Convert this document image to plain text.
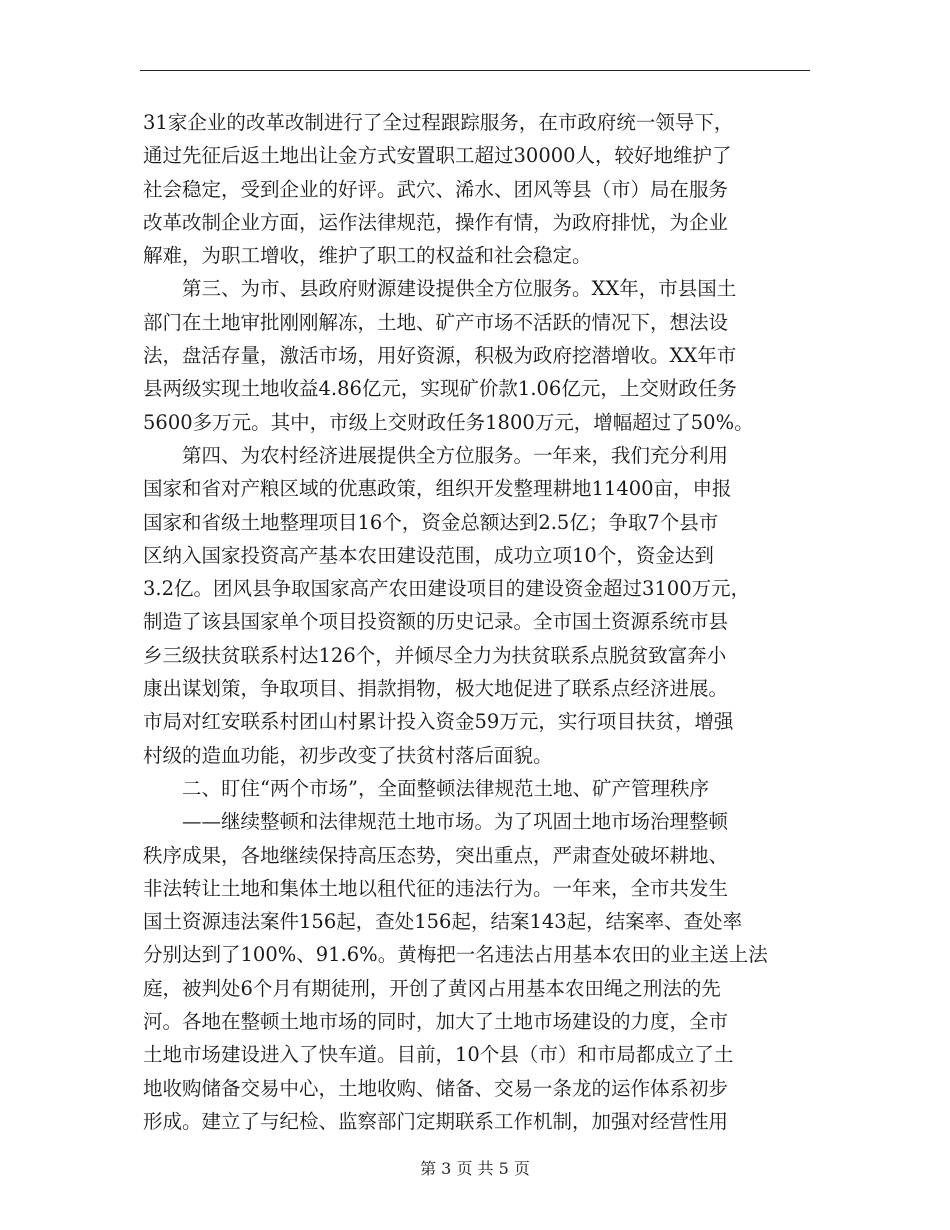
31家企业的改革改制进行了全过程跟踪服务，在市政府统一领导下，
通过先征后返土地出让金方式安置职工超过30000人，较好地维护了
社会稳定，受到企业的好评。武穴、浠水、团风等县（市）局在服务
改革改制企业方面，运作法律规范，操作有情，为政府排忧，为企业
解难，为职工增收，维护了职工的权益和社会稳定。
第三、为市、县政府财源建设提供全方位服务。XX年，市县国土
部门在土地审批刚刚解冻，土地、矿产市场不活跃的情况下，想法设
法，盘活存量，激活市场，用好资源，积极为政府挖潜增收。XX年市
县两级实现土地收益4.86亿元，实现矿价款1.06亿元，上交财政任务
5600多万元。其中，市级上交财政任务1800万元，增幅超过了50%。
第四、为农村经济进展提供全方位服务。一年来，我们充分利用
国家和省对产粮区域的优惠政策，组织开发整理耕地11400亩，申报
国家和省级土地整理项目16个，资金总额达到2.5亿；争取7个县市
区纳入国家投资高产基本农田建设范围，成功立项10个，资金达到
3.2亿。团风县争取国家高产农田建设项目的建设资金超过3100万元，
制造了该县国家单个项目投资额的历史记录。全市国土资源系统市县
乡三级扶贫联系村达126个，并倾尽全力为扶贫联系点脱贫致富奔小
康出谋划策，争取项目、捐款捐物，极大地促进了联系点经济进展。
市局对红安联系村团山村累计投入资金59万元，实行项目扶贫，增强
村级的造血功能，初步改变了扶贫村落后面貌。
二、盯住“两个市场”，全面整顿法律规范土地、矿产管理秩序
——继续整顿和法律规范土地市场。为了巩固土地市场治理整顿
秩序成果，各地继续保持高压态势，突出重点，严肃查处破坏耕地、
非法转让土地和集体土地以租代征的违法行为。一年来，全市共发生
国土资源违法案件156起，查处156起，结案143起，结案率、查处率
分别达到了100%、91.6%。黄梅把一名违法占用基本农田的业主送上法
庭，被判处6个月有期徒刑，开创了黄冈占用基本农田绳之刑法的先
河。各地在整顿土地市场的同时，加大了土地市场建设的力度，全市
土地市场建设进入了快车道。目前，10个县（市）和市局都成立了土
地收购储备交易中心，土地收购、储备、交易一条龙的运作体系初步
形成。建立了与纪检、监察部门定期联系工作机制，加强对经营性用
第 3 页 共 5 页
